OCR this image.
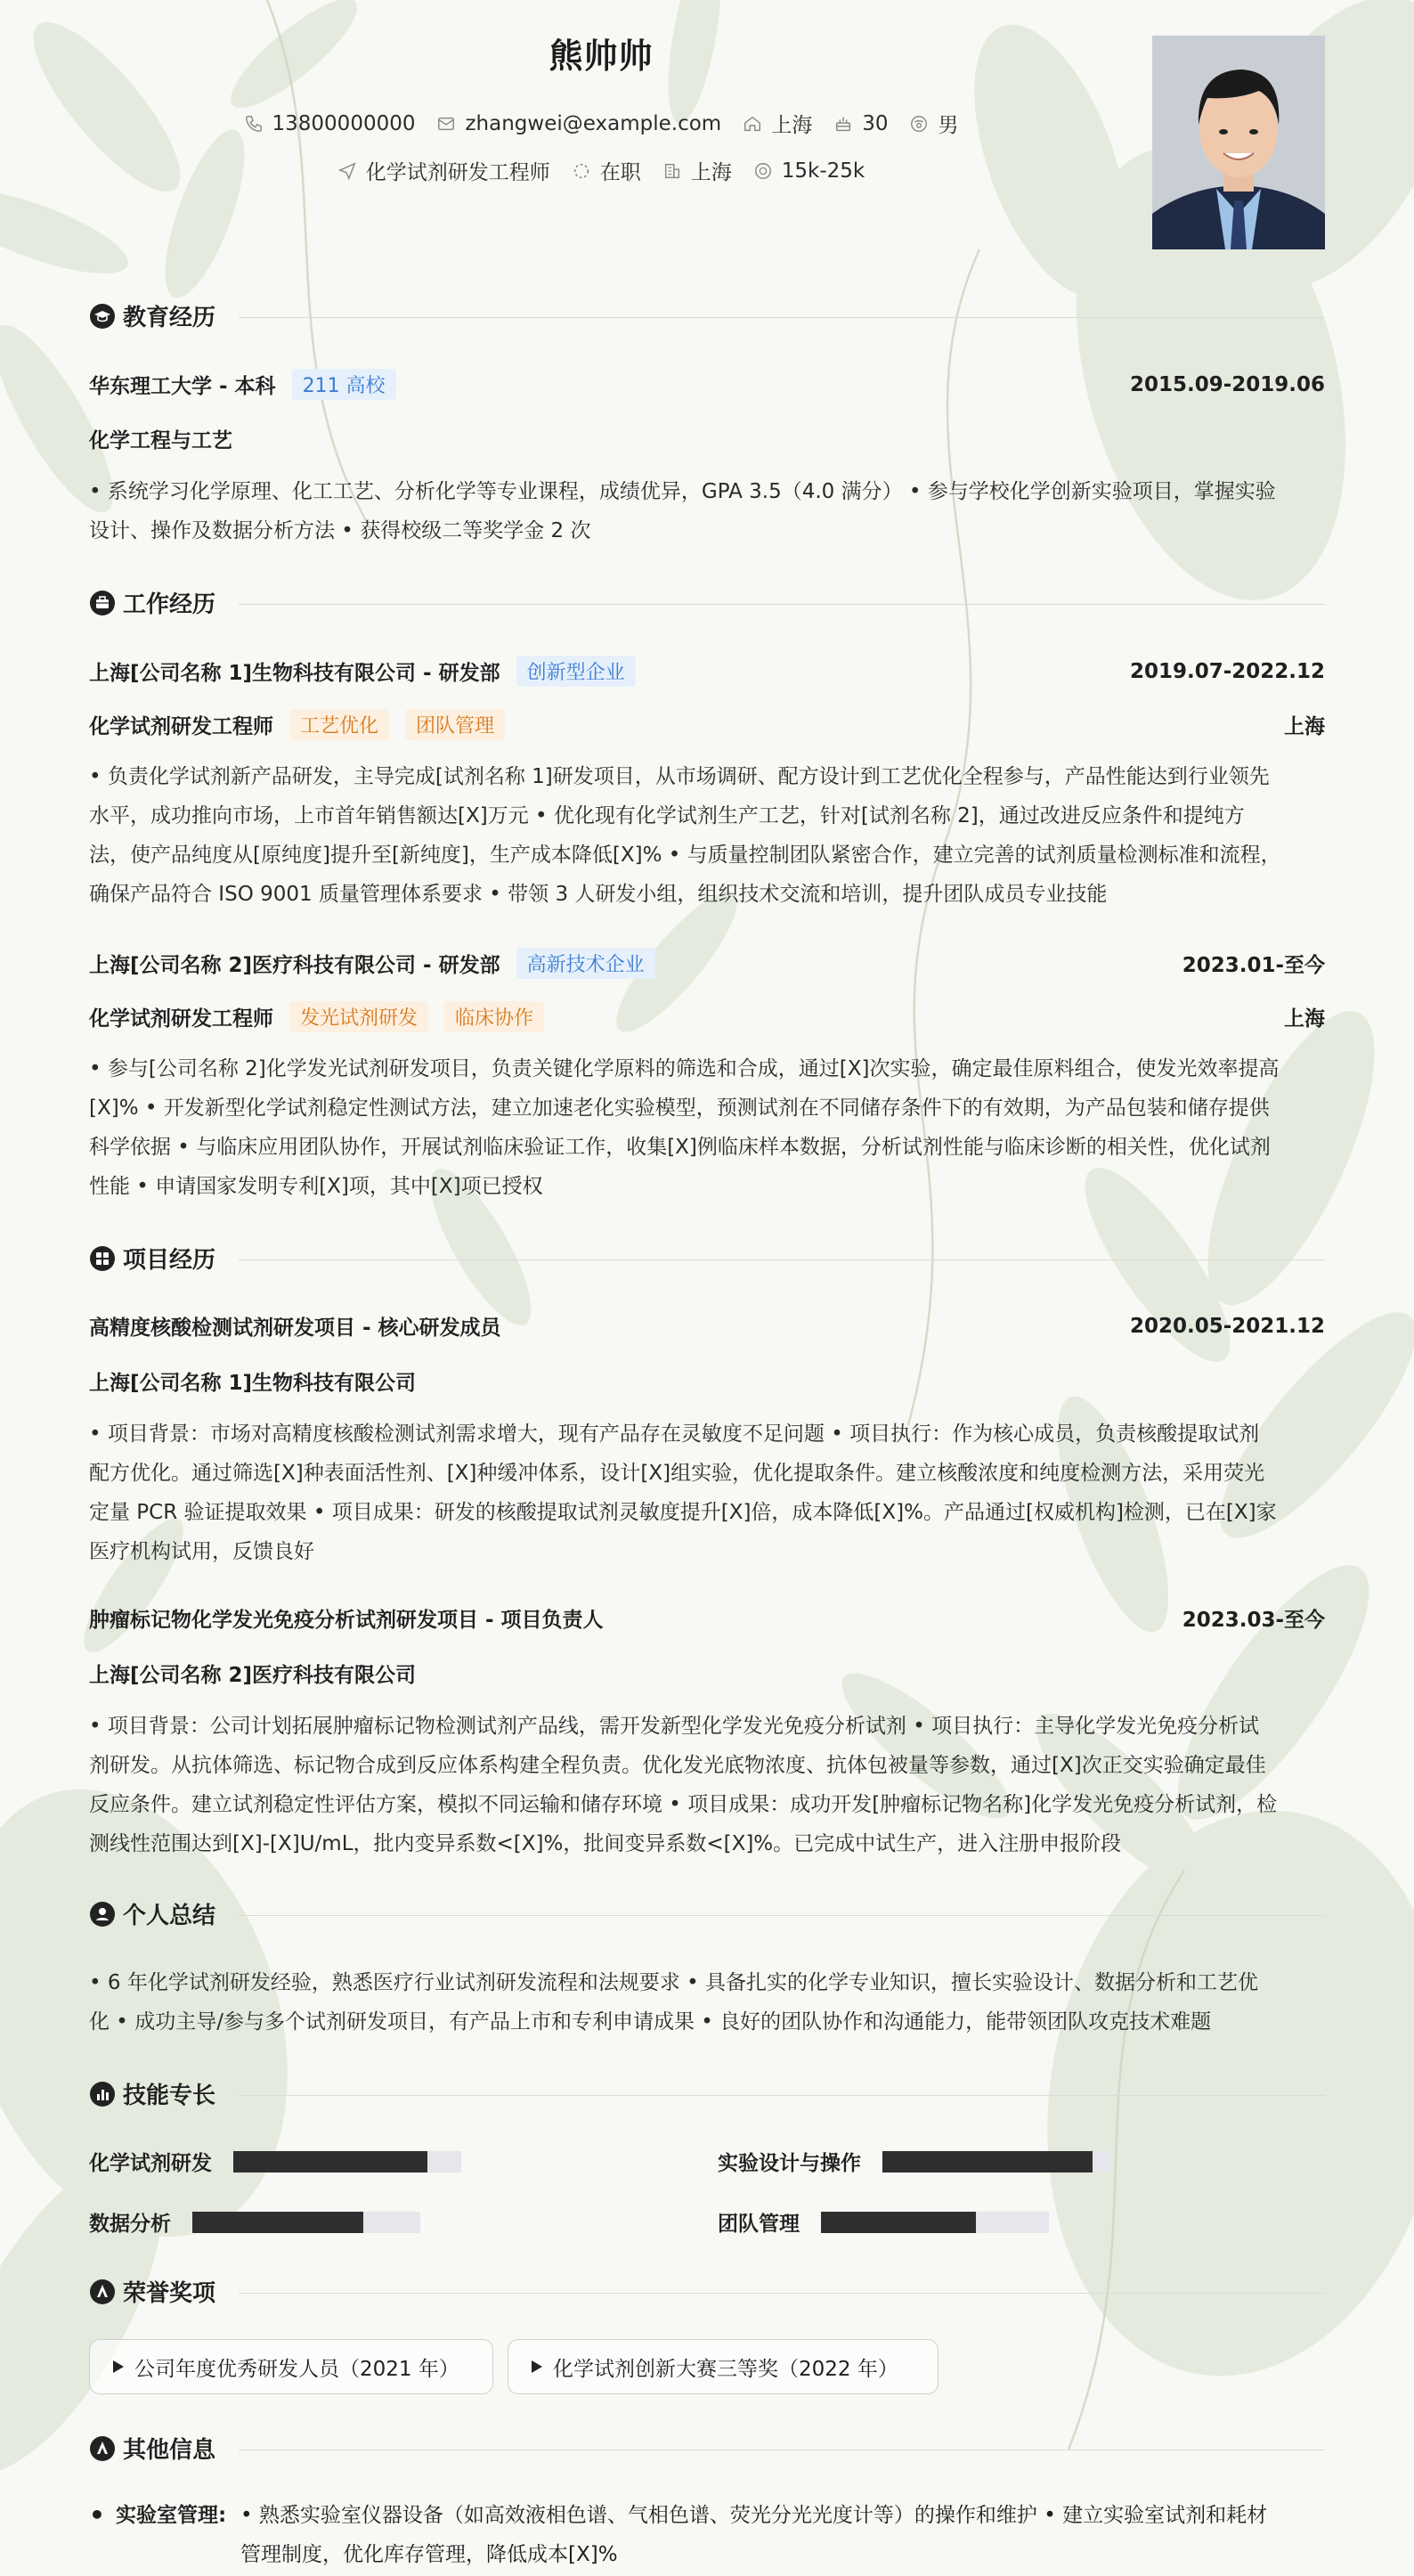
熊帅帅
13800000000 zhangwei@example.com 上海 30 男
化学试剂研发工程师 在职 上海 15k-25k
教育经历
华东理工大学 - 本科	211 高校	2015.09-2019.06
化学工程与工艺
• 系统学习化学原理、化工工艺、分析化学等专业课程，成绩优异，GPA 3.5（4.0 满分） • 参与学校化学创新实验项目，掌握实验
设计、操作及数据分析方法 • 获得校级二等奖学金 2 次
工作经历
上海[公司名称 1]生物科技有限公司 - 研发部	创新型企业	2019.07-2022.12
化学试剂研发工程师	工艺优化	团队管理	上海
• 负责化学试剂新产品研发，主导完成[试剂名称 1]研发项目，从市场调研、配方设计到工艺优化全程参与，产品性能达到行业领先
水平，成功推向市场，上市首年销售额达[X]万元 • 优化现有化学试剂生产工艺，针对[试剂名称 2]，通过改进反应条件和提纯方
法，使产品纯度从[原纯度]提升至[新纯度]，生产成本降低[X]% • 与质量控制团队紧密合作，建立完善的试剂质量检测标准和流程，
确保产品符合 ISO 9001 质量管理体系要求 • 带领 3 人研发小组，组织技术交流和培训，提升团队成员专业技能
上海[公司名称 2]医疗科技有限公司 - 研发部	高新技术企业	2023.01-至今
化学试剂研发工程师	发光试剂研发	临床协作	上海
• 参与[公司名称 2]化学发光试剂研发项目，负责关键化学原料的筛选和合成，通过[X]次实验，确定最佳原料组合，使发光效率提高
[X]% • 开发新型化学试剂稳定性测试方法，建立加速老化实验模型，预测试剂在不同储存条件下的有效期，为产品包装和储存提供
科学依据 • 与临床应用团队协作，开展试剂临床验证工作，收集[X]例临床样本数据，分析试剂性能与临床诊断的相关性，优化试剂
性能 • 申请国家发明专利[X]项，其中[X]项已授权
项目经历
高精度核酸检测试剂研发项目 - 核心研发成员	2020.05-2021.12
上海[公司名称 1]生物科技有限公司
• 项目背景：市场对高精度核酸检测试剂需求增大，现有产品存在灵敏度不足问题 • 项目执行：作为核心成员，负责核酸提取试剂
配方优化。通过筛选[X]种表面活性剂、[X]种缓冲体系，设计[X]组实验，优化提取条件。建立核酸浓度和纯度检测方法，采用荧光
定量 PCR 验证提取效果 • 项目成果：研发的核酸提取试剂灵敏度提升[X]倍，成本降低[X]%。产品通过[权威机构]检测，已在[X]家
医疗机构试用，反馈良好
肿瘤标记物化学发光免疫分析试剂研发项目 - 项目负责人	2023.03-至今
上海[公司名称 2]医疗科技有限公司
• 项目背景：公司计划拓展肿瘤标记物检测试剂产品线，需开发新型化学发光免疫分析试剂 • 项目执行：主导化学发光免疫分析试
剂研发。从抗体筛选、标记物合成到反应体系构建全程负责。优化发光底物浓度、抗体包被量等参数，通过[X]次正交实验确定最佳
反应条件。建立试剂稳定性评估方案，模拟不同运输和储存环境 • 项目成果：成功开发[肿瘤标记物名称]化学发光免疫分析试剂，检
测线性范围达到[X]-[X]U/mL，批内变异系数<[X]%，批间变异系数<[X]%。已完成中试生产，进入注册申报阶段
个人总结
• 6 年化学试剂研发经验，熟悉医疗行业试剂研发流程和法规要求 • 具备扎实的化学专业知识，擅长实验设计、数据分析和工艺优
化 • 成功主导/参与多个试剂研发项目，有产品上市和专利申请成果 • 良好的团队协作和沟通能力，能带领团队攻克技术难题
技能专长
化学试剂研发	实验设计与操作
数据分析	团队管理
荣誉奖项
公司年度优秀研发人员（2021 年）	化学试剂创新大赛三等奖（2022 年）
其他信息
• 实验室管理: • 熟悉实验室仪器设备（如高效液相色谱、气相色谱、荧光分光光度计等）的操作和维护 • 建立实验室试剂和耗材
管理制度，优化库存管理，降低成本[X]%
